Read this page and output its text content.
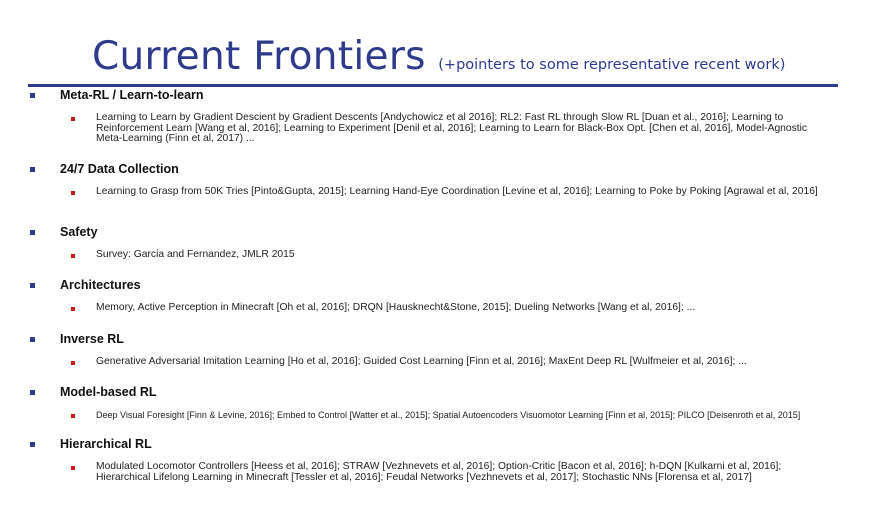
Current Frontiers (+pointers to some representative recent work)
Meta-RL / Learn-to-learn
Learning to Learn by Gradient Descient by Gradient Descents [Andychowicz et al 2016]; RL2: Fast RL through Slow RL [Duan et al., 2016]; Learning to Reinforcement Learn [Wang et al, 2016]; Learning to Experiment [Denil et al, 2016]; Learning to Learn for Black-Box Opt. [Chen et al, 2016], Model-Agnostic Meta-Learning (Finn et al, 2017) ...
24/7 Data Collection
Learning to Grasp from 50K Tries [Pinto&Gupta, 2015]; Learning Hand-Eye Coordination [Levine et al, 2016]; Learning to Poke by Poking [Agrawal et al, 2016]
Safety
Survey: Garcia and Fernandez, JMLR 2015
Architectures
Memory, Active Perception in Minecraft [Oh et al, 2016]; DRQN [Hausknecht&Stone, 2015]; Dueling Networks [Wang et al, 2016]; ...
Inverse RL
Generative Adversarial Imitation Learning [Ho et al, 2016]; Guided Cost Learning [Finn et al, 2016]; MaxEnt Deep RL [Wulfmeier et al, 2016]; ...
Model-based RL
Deep Visual Foresight [Finn & Levine, 2016]; Embed to Control [Watter et al., 2015]; Spatial Autoencoders Visuomotor Learning [Finn et al, 2015]; PILCO [Deisenroth et al, 2015]
Hierarchical RL
Modulated Locomotor Controllers [Heess et al, 2016]; STRAW [Vezhnevets et al, 2016]; Option-Critic [Bacon et al, 2016]; h-DQN [Kulkarni et al, 2016]; Hierarchical Lifelong Learning in Minecraft [Tessler et al, 2016]; Feudal Networks [Vezhnevets et al, 2017]; Stochastic NNs [Florensa et al, 2017]
